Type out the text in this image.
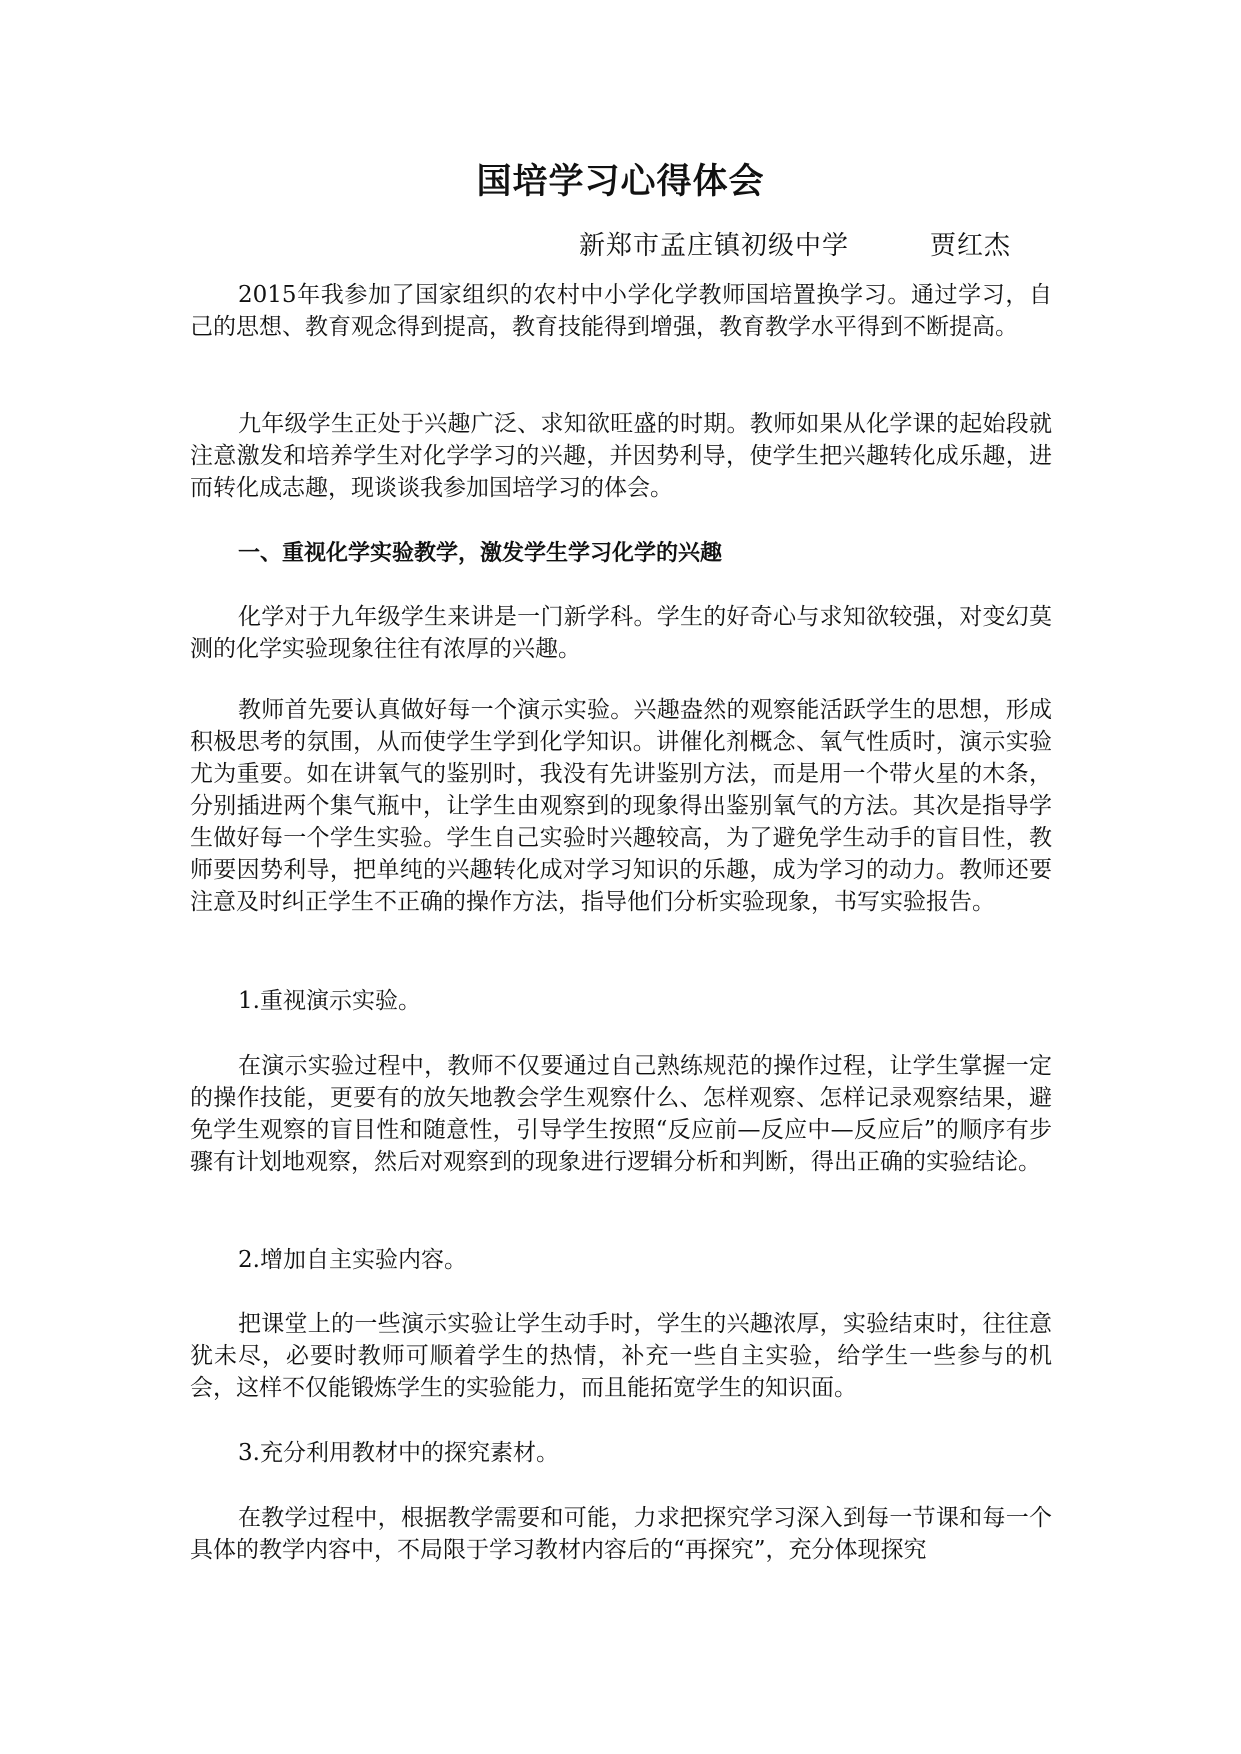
国培学习心得体会
新郑市孟庄镇初级中学	贾红杰

2015年我参加了国家组织的农村中小学化学教师国培置换学习。通过学习，自己的思想、教育观念得到提高，教育技能得到增强，教育教学水平得到不断提高。

九年级学生正处于兴趣广泛、求知欲旺盛的时期。教师如果从化学课的起始段就注意激发和培养学生对化学学习的兴趣，并因势利导，使学生把兴趣转化成乐趣，进而转化成志趣，现谈谈我参加国培学习的体会。

一、重视化学实验教学，激发学生学习化学的兴趣

化学对于九年级学生来讲是一门新学科。学生的好奇心与求知欲较强，对变幻莫测的化学实验现象往往有浓厚的兴趣。

教师首先要认真做好每一个演示实验。兴趣盎然的观察能活跃学生的思想，形成积极思考的氛围，从而使学生学到化学知识。讲催化剂概念、氧气性质时，演示实验尤为重要。如在讲氧气的鉴别时，我没有先讲鉴别方法，而是用一个带火星的木条，分别插进两个集气瓶中，让学生由观察到的现象得出鉴别氧气的方法。其次是指导学生做好每一个学生实验。学生自己实验时兴趣较高，为了避免学生动手的盲目性，教师要因势利导，把单纯的兴趣转化成对学习知识的乐趣，成为学习的动力。教师还要注意及时纠正学生不正确的操作方法，指导他们分析实验现象，书写实验报告。

1.重视演示实验。

在演示实验过程中，教师不仅要通过自己熟练规范的操作过程，让学生掌握一定的操作技能，更要有的放矢地教会学生观察什么、怎样观察、怎样记录观察结果，避免学生观察的盲目性和随意性，引导学生按照“反应前—反应中—反应后”的顺序有步骤有计划地观察，然后对观察到的现象进行逻辑分析和判断，得出正确的实验结论。

2.增加自主实验内容。

把课堂上的一些演示实验让学生动手时，学生的兴趣浓厚，实验结束时，往往意犹未尽，必要时教师可顺着学生的热情，补充一些自主实验，给学生一些参与的机会，这样不仅能锻炼学生的实验能力，而且能拓宽学生的知识面。

3.充分利用教材中的探究素材。

在教学过程中，根据教学需要和可能，力求把探究学习深入到每一节课和每一个具体的教学内容中，不局限于学习教材内容后的“再探究”，充分体现探究
